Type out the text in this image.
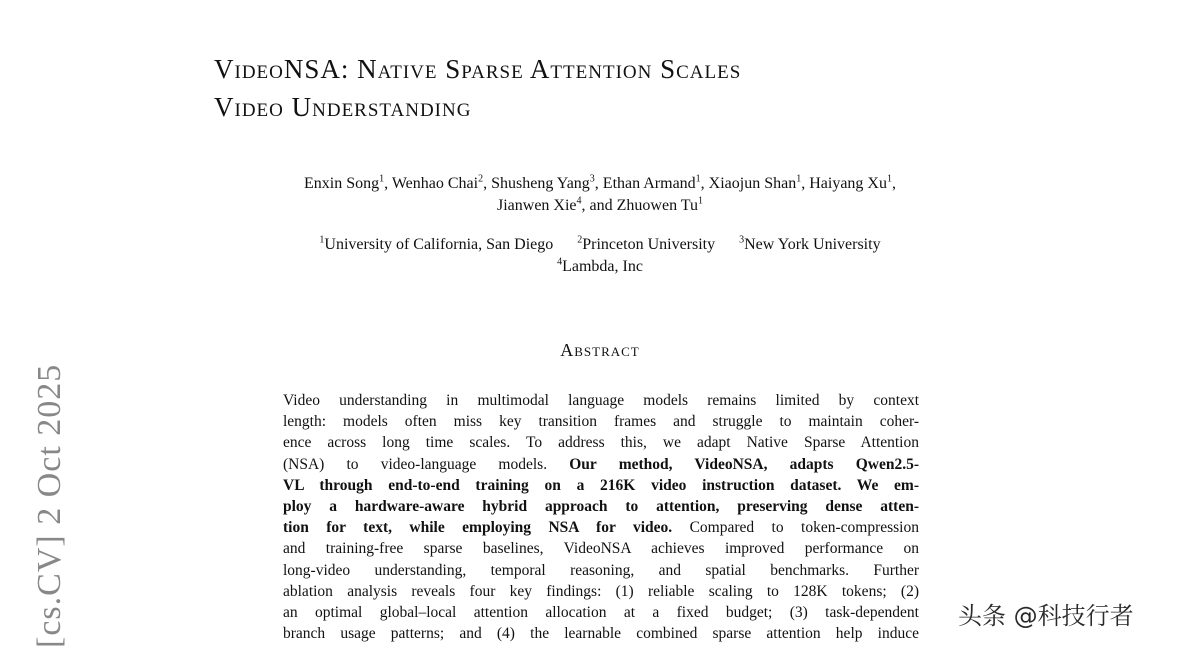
VideoNSA: Native Sparse Attention Scales
Video Understanding
Enxin Song$^1$, Wenhao Chai$^2$, Shusheng Yang$^3$, Ethan Armand$^1$, Xiaojun Shan$^1$, Haiyang Xu$^1$,
Jianwen Xie$^4$, and Zhuowen Tu$^1$
$^1$University of California, San Diego $^2$Princeton University $^3$New York University
$^4$Lambda, Inc
Abstract
Video understanding in multimodal language models remains limited by context
length: models often miss key transition frames and struggle to maintain coher-
ence across long time scales. To address this, we adapt Native Sparse Attention
(NSA) to video-language models. Our method, VideoNSA, adapts Qwen2.5-
VL through end-to-end training on a 216K video instruction dataset. We em-
ploy a hardware-aware hybrid approach to attention, preserving dense atten-
tion for text, while employing NSA for video. Compared to token-compression
and training-free sparse baselines, VideoNSA achieves improved performance on
long-video understanding, temporal reasoning, and spatial benchmarks. Further
ablation analysis reveals four key findings: (1) reliable scaling to 128K tokens; (2)
an optimal global–local attention allocation at a fixed budget; (3) task-dependent
branch usage patterns; and (4) the learnable combined sparse attention help induce
[cs.CV] 2 Oct 2025	头条 @科技行者
